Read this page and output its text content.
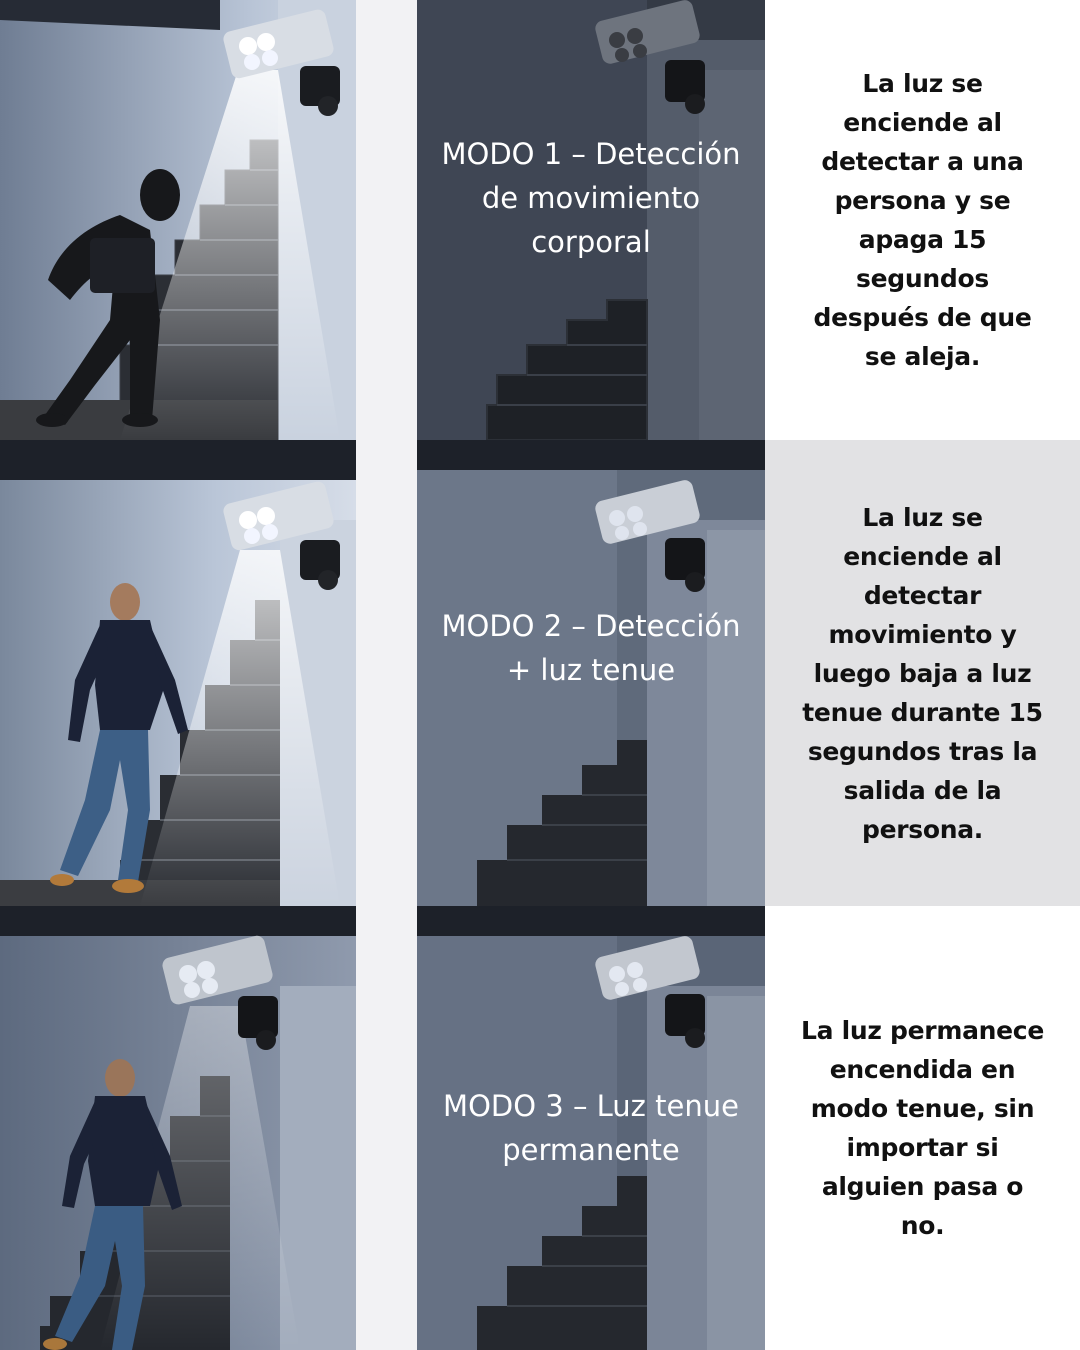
MODO 1 – Detección de movimiento corporal
La luz se enciende al detectar a una persona y se apaga 15 segundos después de que se aleja.
MODO 2 – Detección + luz tenue
La luz se enciende al detectar movimiento y luego baja a luz tenue durante 15 segundos tras la salida de la persona.
MODO 3 – Luz tenue permanente
La luz permanece encendida en modo tenue, sin importar si alguien pasa o no.
